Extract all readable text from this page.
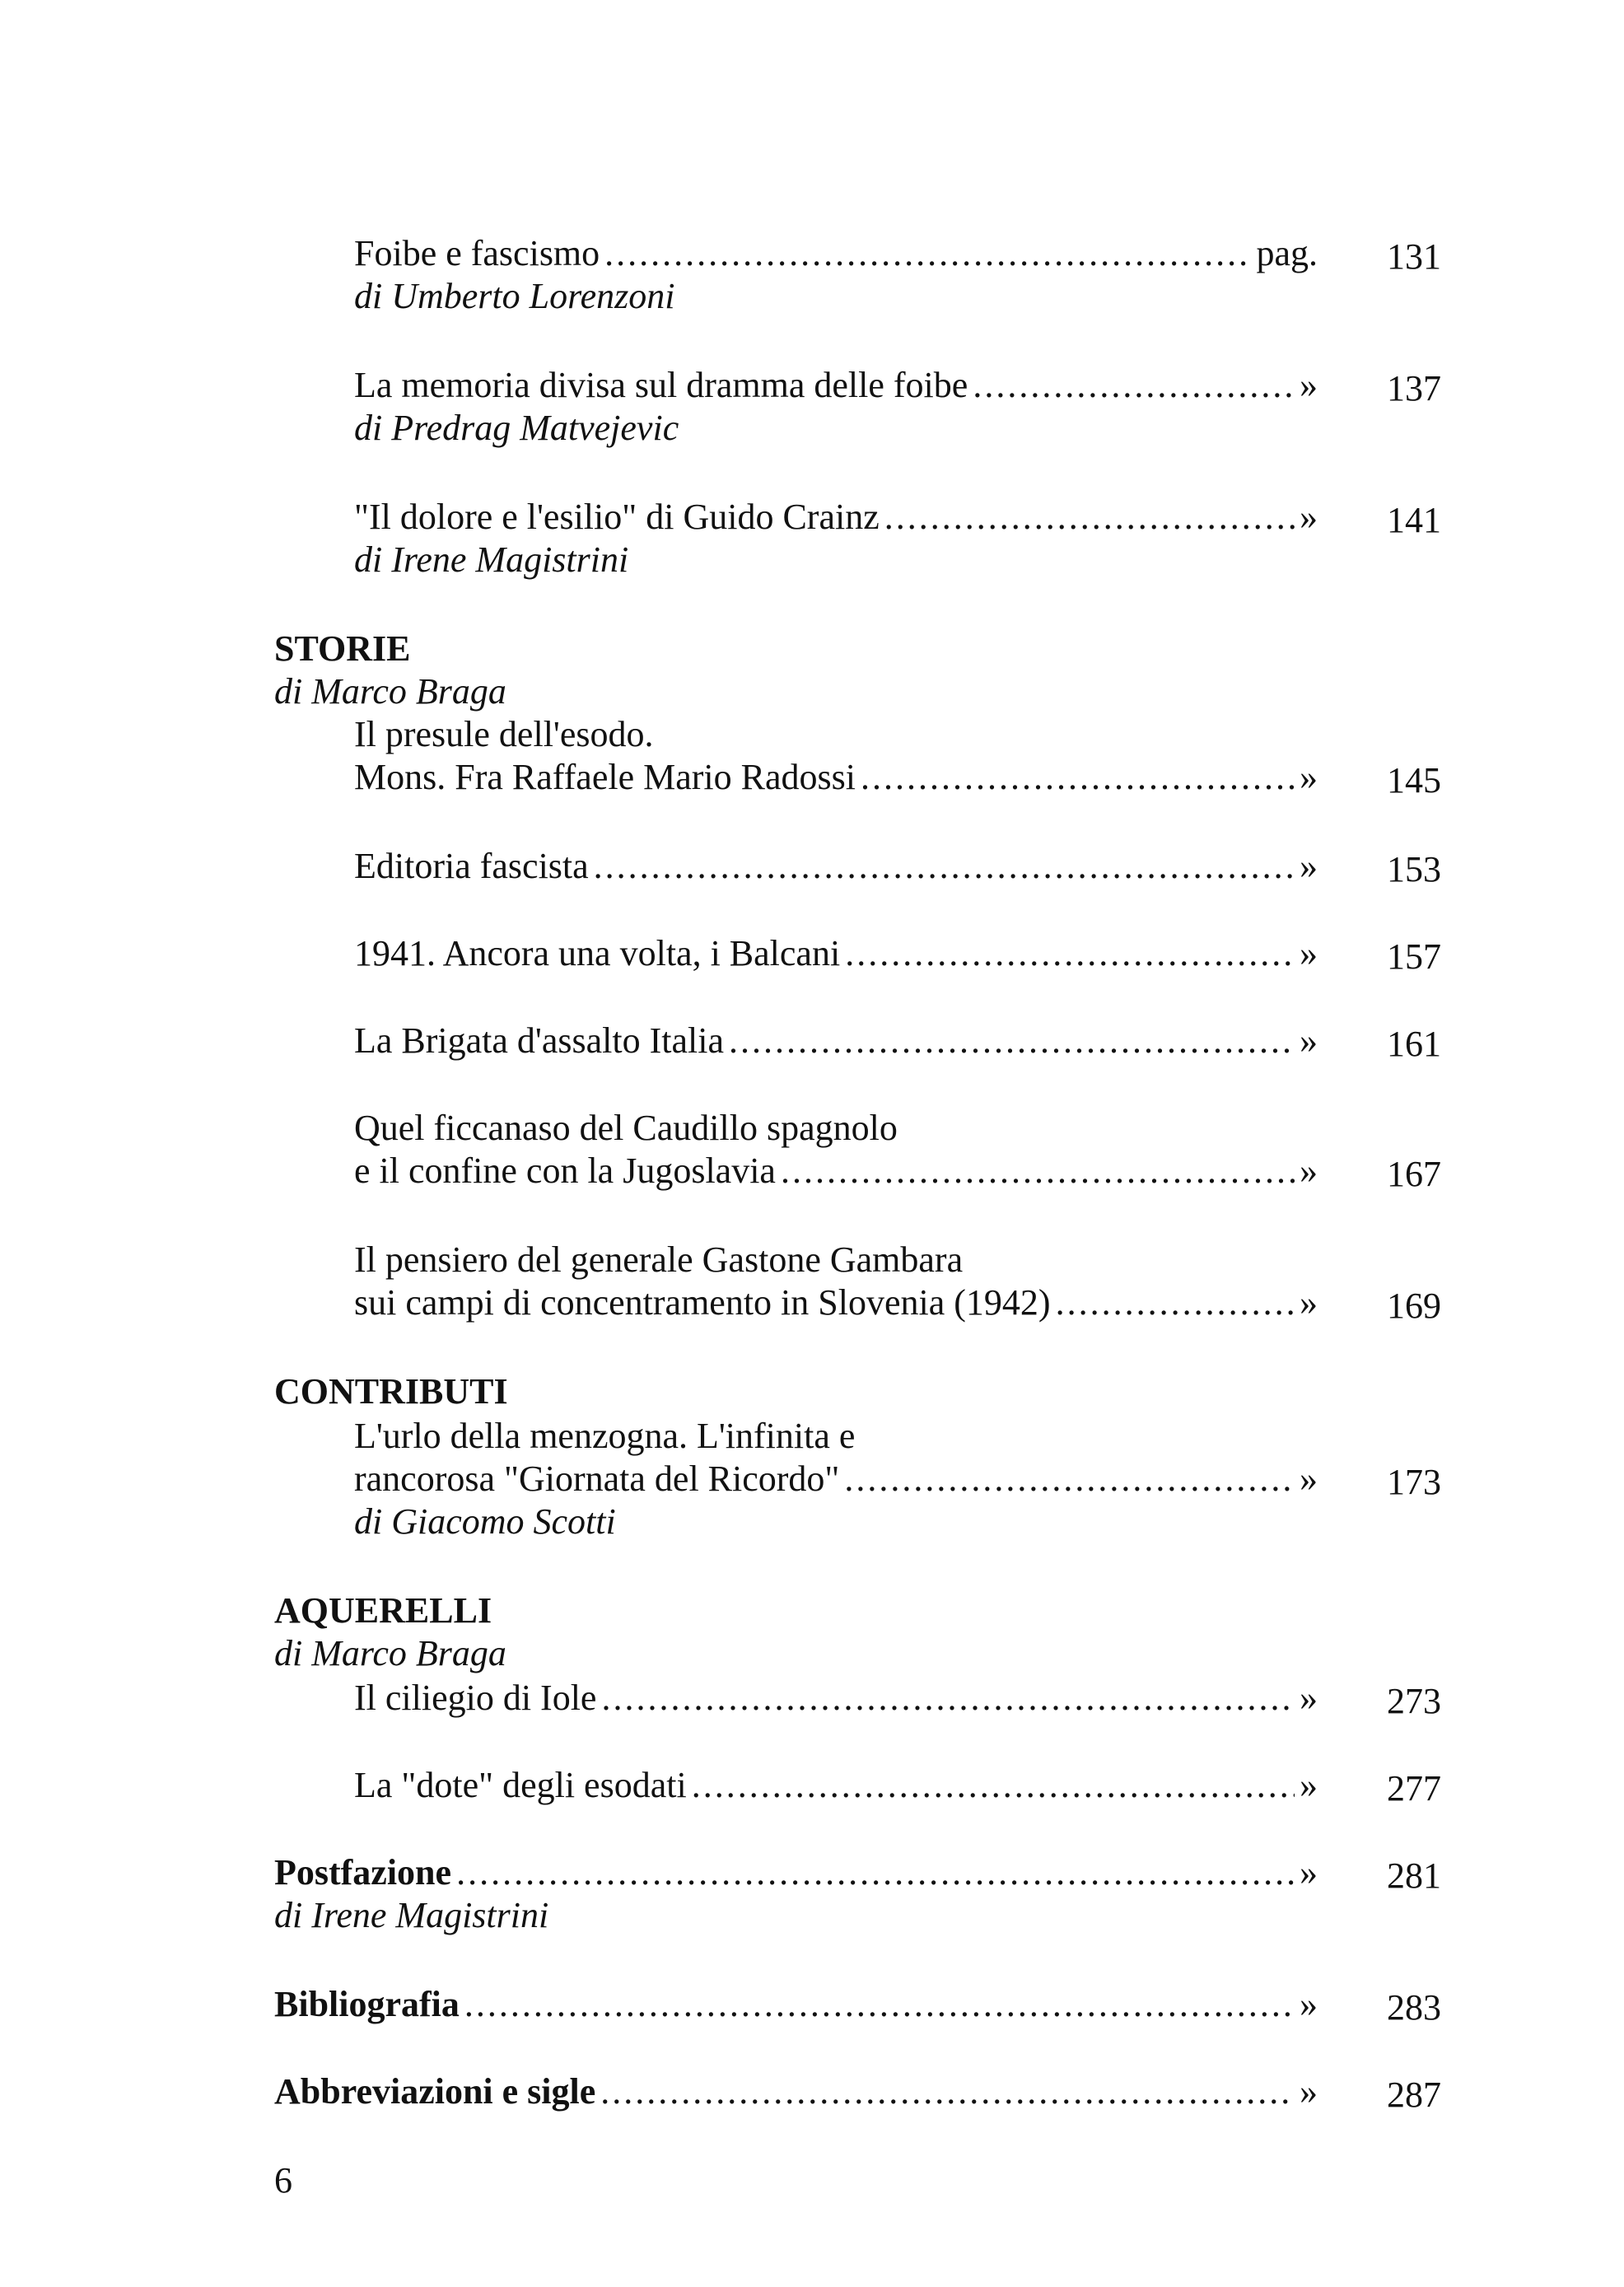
Foibe e fascismo .....	pag.	131
di Umberto Lorenzoni
La memoria divisa sul dramma delle foibe .....	»	137
di Predrag Matvejevic
"Il dolore e l'esilio" di Guido Crainz .....	»	141
di Irene Magistrini
STORIE
di Marco Braga
Il presule dell'esodo.
Mons. Fra Raffaele Mario Radossi .....	»	145
Editoria fascista .....	»	153
1941. Ancora una volta, i Balcani .....	»	157
La Brigata d'assalto Italia .....	»	161
Quel ficcanaso del Caudillo spagnolo
e il confine con la Jugoslavia .....	»	167
Il pensiero del generale Gastone Gambara
sui campi di concentramento in Slovenia (1942) .....	»	169
CONTRIBUTI
L'urlo della menzogna. L'infinita e
rancorosa "Giornata del Ricordo" .....	»	173
di Giacomo Scotti
AQUERELLI
di Marco Braga
Il ciliegio di Iole .....	»	273
La "dote" degli esodati .....	»	277
Postfazione .....	»	281
di Irene Magistrini
Bibliografia .....	»	283
Abbreviazioni e sigle .....	»	287
6
